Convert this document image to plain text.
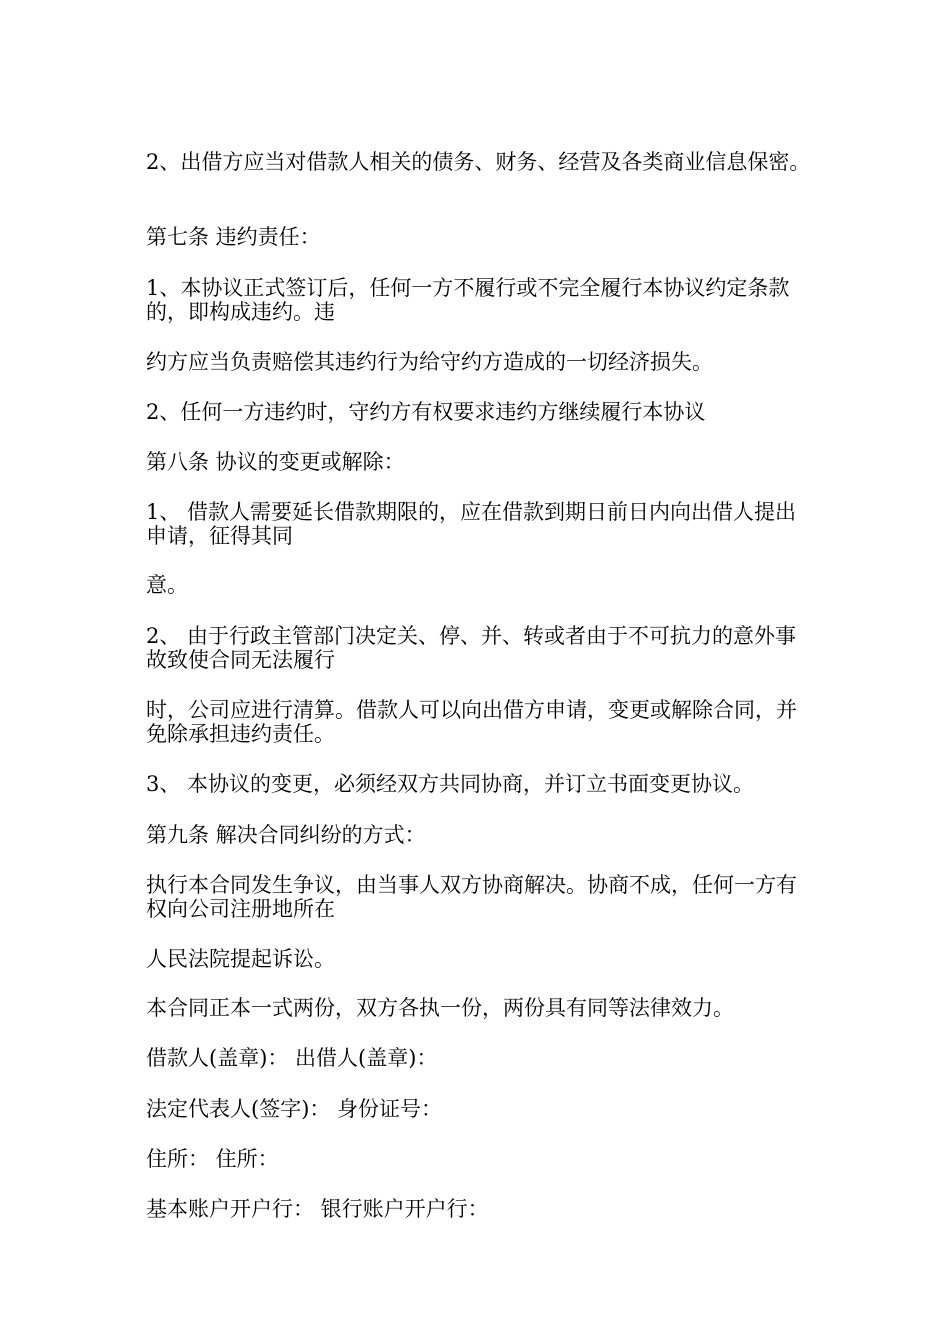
2、出借方应当对借款人相关的债务、财务、经营及各类商业信息保密。

第七条 违约责任：

1、本协议正式签订后，任何一方不履行或不完全履行本协议约定条款的，即构成违约。违

约方应当负责赔偿其违约行为给守约方造成的一切经济损失。

2、任何一方违约时，守约方有权要求违约方继续履行本协议

第八条 协议的变更或解除：

1、 借款人需要延长借款期限的，应在借款到期日前日内向出借人提出申请，征得其同

意。

2、 由于行政主管部门决定关、停、并、转或者由于不可抗力的意外事故致使合同无法履行

时，公司应进行清算。借款人可以向出借方申请，变更或解除合同，并免除承担违约责任。

3、 本协议的变更，必须经双方共同协商，并订立书面变更协议。

第九条 解决合同纠纷的方式：

执行本合同发生争议，由当事人双方协商解决。协商不成，任何一方有权向公司注册地所在

人民法院提起诉讼。

本合同正本一式两份，双方各执一份，两份具有同等法律效力。

借款人(盖章)： 出借人(盖章)：

法定代表人(签字)： 身份证号：

住所： 住所：

基本账户开户行： 银行账户开户行：
